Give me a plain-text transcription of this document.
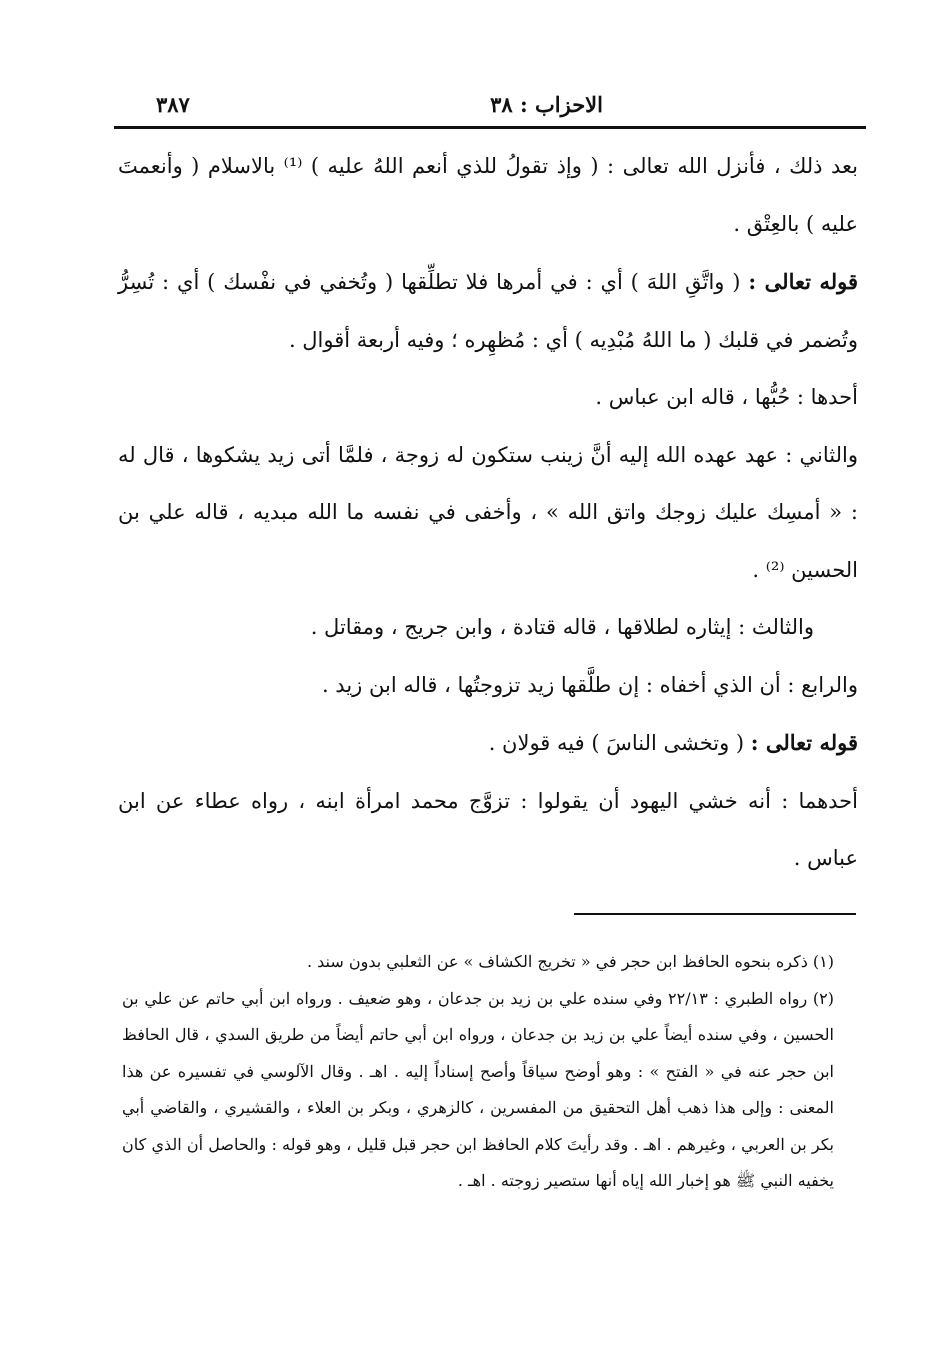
الاحزاب : ٣٨
٣٨٧

بعد ذلك ، فأنزل الله تعالى : ( وإذ تقولُ للذي أنعم اللهُ عليه ) ⁽¹⁾ بالاسلام ( وأنعمتَ عليه ) بالعِتْق .

قوله تعالى : ( واتَّقِ اللهَ ) أي : في أمرها فلا تطلِّقها ( وتُخفي في نفْسك ) أي : تُسِرُّ وتُضمر في قلبك ( ما اللهُ مُبْدِيه ) أي : مُظهِره ؛ وفيه أربعة أقوال .

أحدها : حُبُّها ، قاله ابن عباس .

والثاني : عهد عهده الله إليه أنَّ زينب ستكون له زوجة ، فلمَّا أتى زيد يشكوها ، قال له : « أمسِك عليك زوجك واتق الله » ، وأخفى في نفسه ما الله مبديه ، قاله علي بن الحسين ⁽²⁾ .

والثالث : إيثاره لطلاقها ، قاله قتادة ، وابن جريج ، ومقاتل .

والرابع : أن الذي أخفاه : إن طلَّقها زيد تزوجتُها ، قاله ابن زيد .

قوله تعالى : ( وتخشى الناسَ ) فيه قولان .

أحدهما : أنه خشي اليهود أن يقولوا : تزوَّج محمد امرأة ابنه ، رواه عطاء عن ابن عباس .

(١) ذكره بنحوه الحافظ ابن حجر في « تخريج الكشاف » عن الثعلبي بدون سند .

(٢) رواه الطبري : ٢٢/١٣ وفي سنده علي بن زيد بن جدعان ، وهو ضعيف . ورواه ابن أبي حاتم عن علي بن الحسين ، وفي سنده أيضاً علي بن زيد بن جدعان ، ورواه ابن أبي حاتم أيضاً من طريق السدي ، قال الحافظ ابن حجر عنه في « الفتح » : وهو أوضح سياقاً وأصح إسناداً إليه . اهـ . وقال الآلوسي في تفسيره عن هذا المعنى : وإلى هذا ذهب أهل التحقيق من المفسرين ، كالزهري ، وبكر بن العلاء ، والقشيري ، والقاضي أبي بكر بن العربي ، وغيرهم . اهـ . وقد رأيتَ كلام الحافظ ابن حجر قبل قليل ، وهو قوله : والحاصل أن الذي كان يخفيه النبي ﷺ هو إخبار الله إياه أنها ستصير زوجته . اهـ .
